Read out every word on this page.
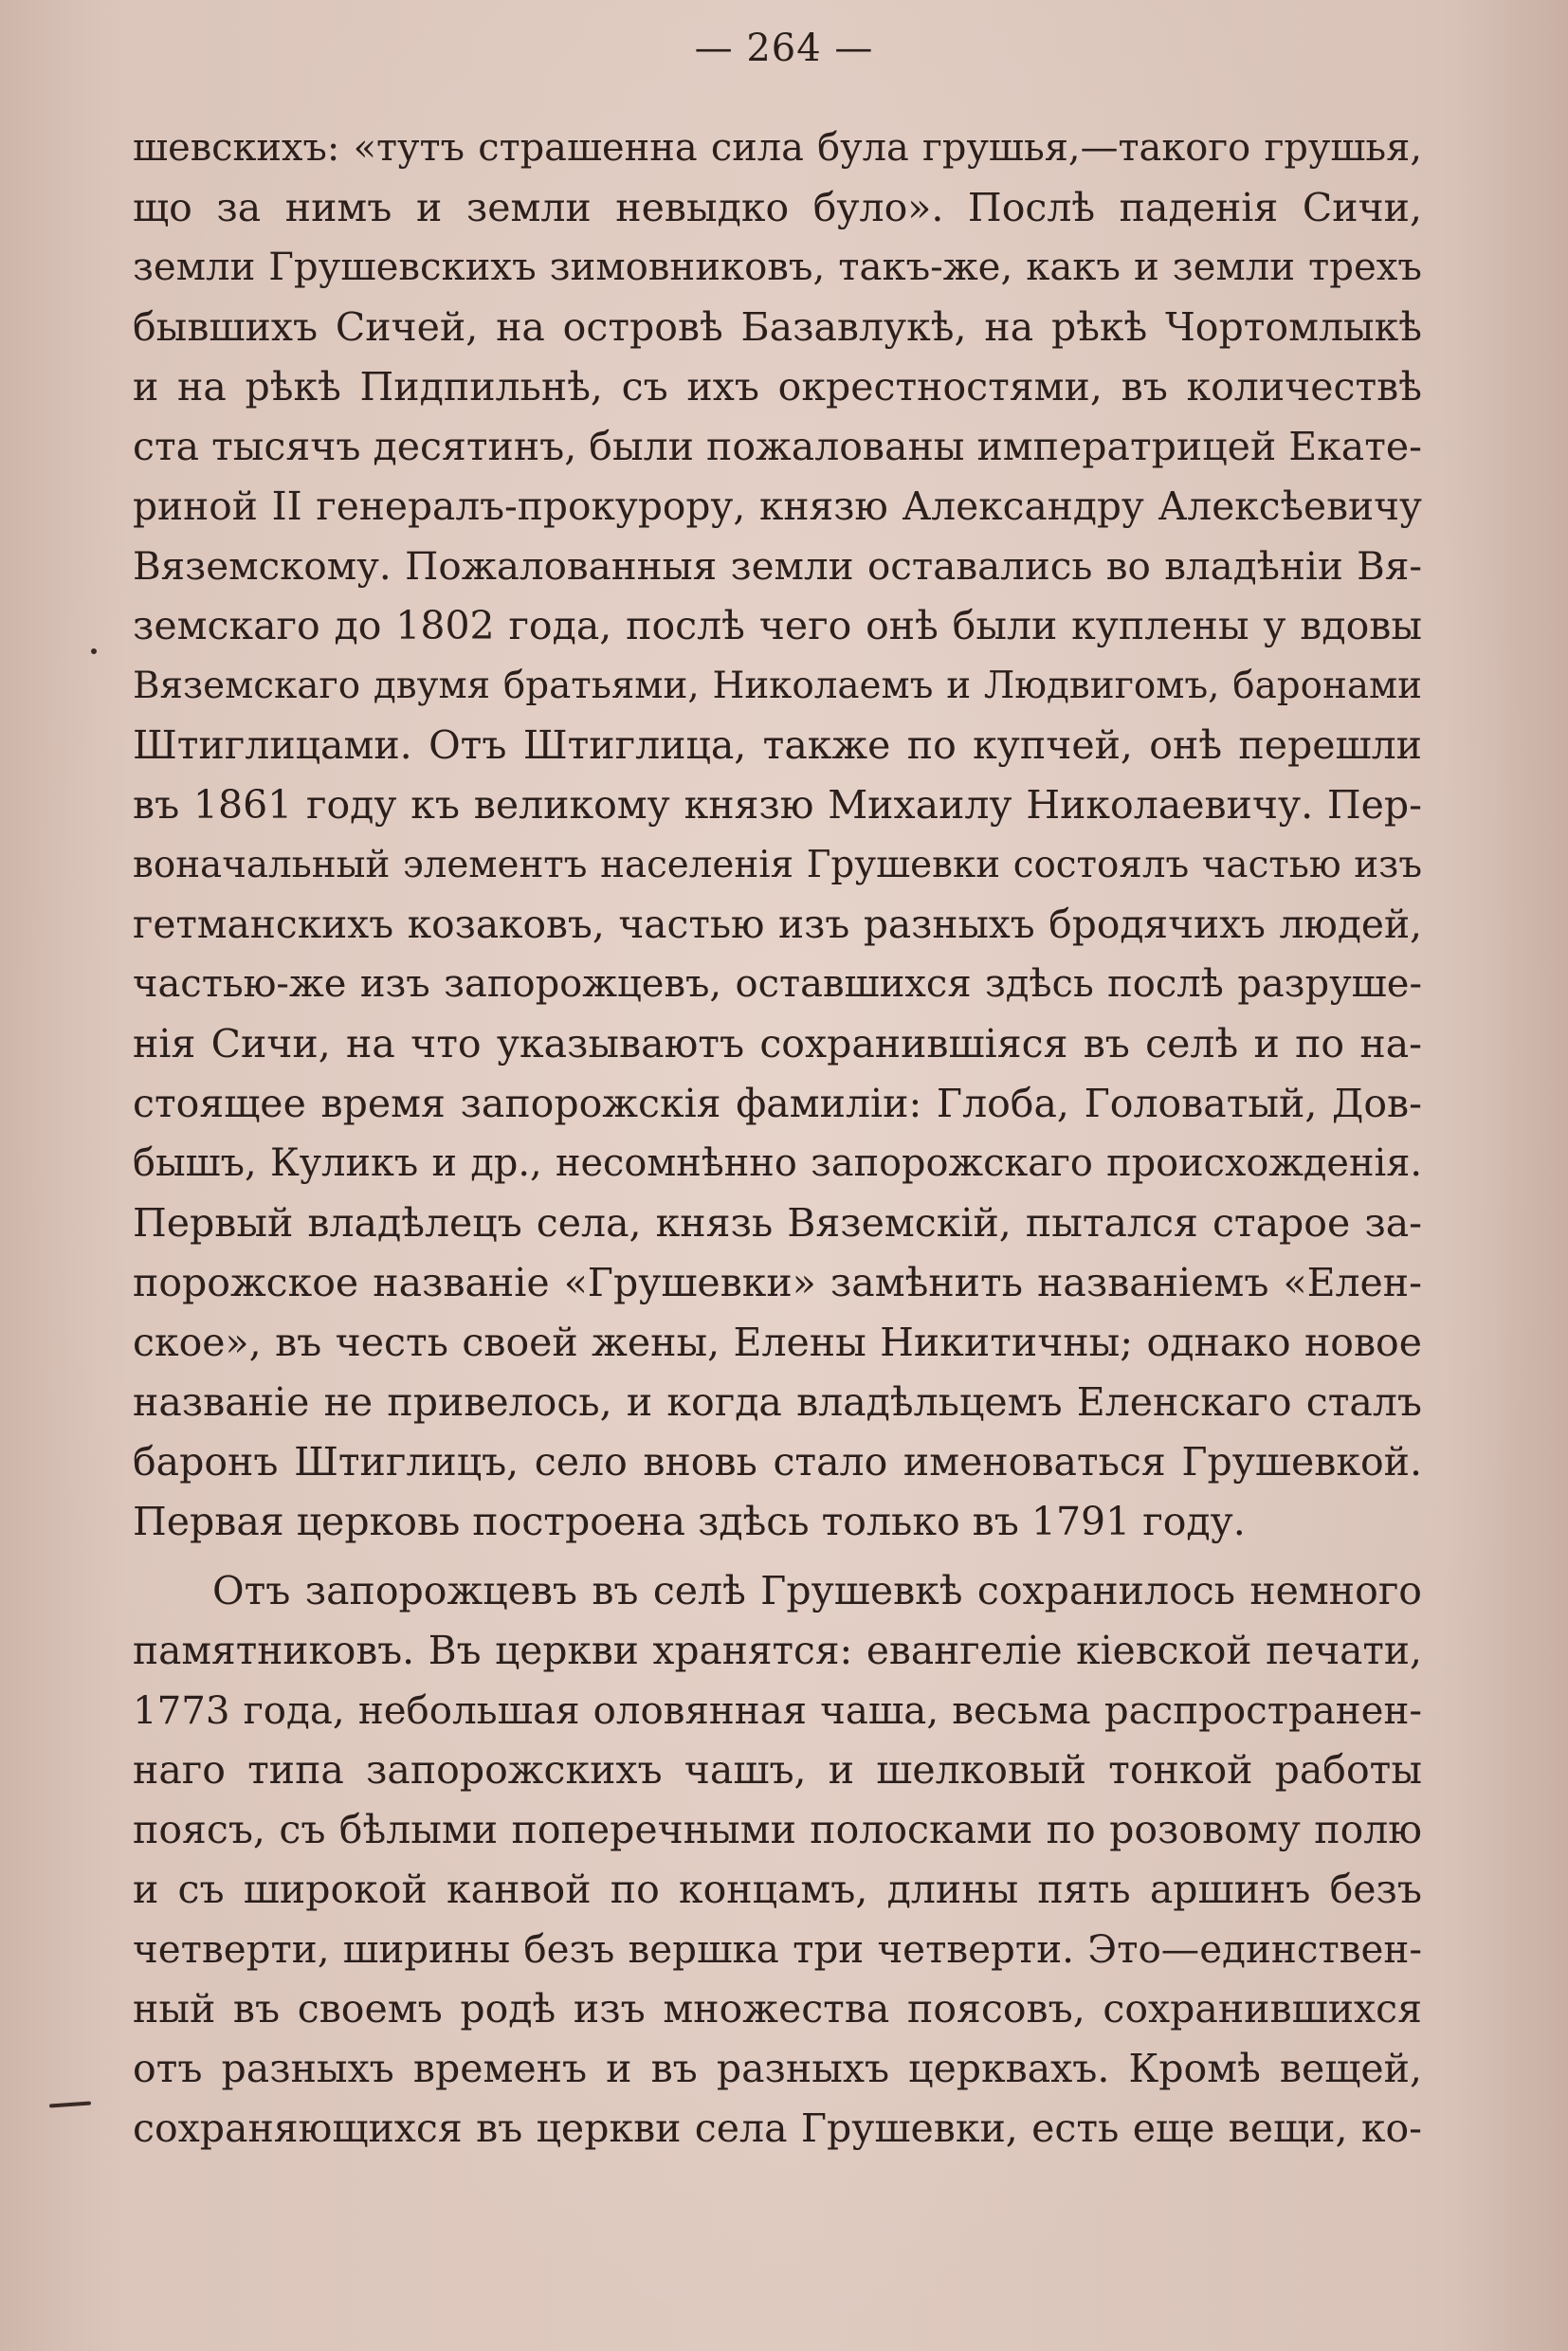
— 264 —
шевскихъ: «тутъ страшенна сила була грушья,—такого грушья,
що за нимъ и земли невыдко було». Послѣ паденія Сичи,
земли Грушевскихъ зимовниковъ, такъ-же, какъ и земли трехъ
бывшихъ Сичей, на островѣ Базавлукѣ, на рѣкѣ Чортомлыкѣ
и на рѣкѣ Пидпильнѣ, съ ихъ окрестностями, въ количествѣ
ста тысячъ десятинъ, были пожалованы императрицей Екате-
риной II генералъ-прокурору, князю Александру Алексѣевичу
Вяземскому. Пожалованныя земли оставались во владѣніи Вя-
земскаго до 1802 года, послѣ чего онѣ были куплены у вдовы
Вяземскаго двумя братьями, Николаемъ и Людвигомъ, баронами
Штиглицами. Отъ Штиглица, также по купчей, онѣ перешли
въ 1861 году къ великому князю Михаилу Николаевичу. Пер-
воначальный элементъ населенія Грушевки состоялъ частью изъ
гетманскихъ козаковъ, частью изъ разныхъ бродячихъ людей,
частью-же изъ запорожцевъ, оставшихся здѣсь послѣ разруше-
нія Сичи, на что указываютъ сохранившіяся въ селѣ и по на-
стоящее время запорожскія фамиліи: Глоба, Головатый, Дов-
бышъ, Куликъ и др., несомнѣнно запорожскаго происхожденія.
Первый владѣлецъ села, князь Вяземскій, пытался старое за-
порожское названіе «Грушевки» замѣнить названіемъ «Елен-
ское», въ честь своей жены, Елены Никитичны; однако новое
названіе не привелось, и когда владѣльцемъ Еленскаго сталъ
баронъ Штиглицъ, село вновь стало именоваться Грушевкой.
Первая церковь построена здѣсь только въ 1791 году.
Отъ запорожцевъ въ селѣ Грушевкѣ сохранилось немного
памятниковъ. Въ церкви хранятся: евангеліе кіевской печати,
1773 года, небольшая оловянная чаша, весьма распространен-
наго типа запорожскихъ чашъ, и шелковый тонкой работы
поясъ, съ бѣлыми поперечными полосками по розовому полю
и съ широкой канвой по концамъ, длины пять аршинъ безъ
четверти, ширины безъ вершка три четверти. Это—единствен-
ный въ своемъ родѣ изъ множества поясовъ, сохранившихся
отъ разныхъ временъ и въ разныхъ церквахъ. Кромѣ вещей,
сохраняющихся въ церкви села Грушевки, есть еще вещи, ко-
